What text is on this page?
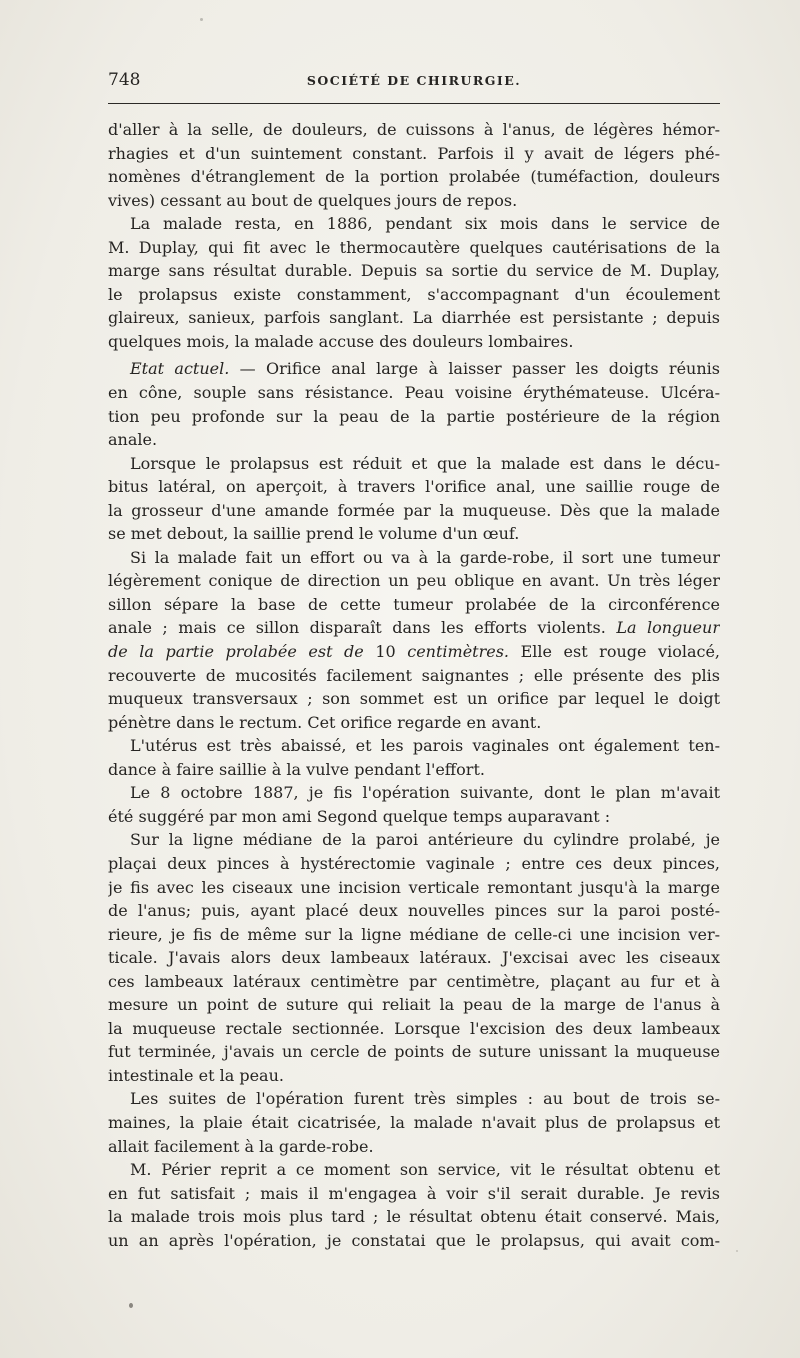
748	SOCIÉTÉ DE CHIRURGIE.
d'aller à la selle, de douleurs, de cuissons à l'anus, de légères hémor-
rhagies et d'un suintement constant. Parfois il y avait de légers phé-
nomènes d'étranglement de la portion prolabée (tuméfaction, douleurs
vives) cessant au bout de quelques jours de repos.
La malade resta, en 1886, pendant six mois dans le service de
M. Duplay, qui fit avec le thermocautère quelques cautérisations de la
marge sans résultat durable. Depuis sa sortie du service de M. Duplay,
le prolapsus existe constamment, s'accompagnant d'un écoulement
glaireux, sanieux, parfois sanglant. La diarrhée est persistante ; depuis
quelques mois, la malade accuse des douleurs lombaires.
Etat actuel. — Orifice anal large à laisser passer les doigts réunis
en cône, souple sans résistance. Peau voisine érythémateuse. Ulcéra-
tion peu profonde sur la peau de la partie postérieure de la région
anale.
Lorsque le prolapsus est réduit et que la malade est dans le décu-
bitus latéral, on aperçoit, à travers l'orifice anal, une saillie rouge de
la grosseur d'une amande formée par la muqueuse. Dès que la malade
se met debout, la saillie prend le volume d'un œuf.
Si la malade fait un effort ou va à la garde-robe, il sort une tumeur
légèrement conique de direction un peu oblique en avant. Un très léger
sillon sépare la base de cette tumeur prolabée de la circonférence
anale ; mais ce sillon disparaît dans les efforts violents. La longueur
de la partie prolabée est de 10 centimètres. Elle est rouge violacé,
recouverte de mucosités facilement saignantes ; elle présente des plis
muqueux transversaux ; son sommet est un orifice par lequel le doigt
pénètre dans le rectum. Cet orifice regarde en avant.
L'utérus est très abaissé, et les parois vaginales ont également ten-
dance à faire saillie à la vulve pendant l'effort.
Le 8 octobre 1887, je fis l'opération suivante, dont le plan m'avait
été suggéré par mon ami Segond quelque temps auparavant :
Sur la ligne médiane de la paroi antérieure du cylindre prolabé, je
plaçai deux pinces à hystérectomie vaginale ; entre ces deux pinces,
je fis avec les ciseaux une incision verticale remontant jusqu'à la marge
de l'anus; puis, ayant placé deux nouvelles pinces sur la paroi posté-
rieure, je fis de même sur la ligne médiane de celle-ci une incision ver-
ticale. J'avais alors deux lambeaux latéraux. J'excisai avec les ciseaux
ces lambeaux latéraux centimètre par centimètre, plaçant au fur et à
mesure un point de suture qui reliait la peau de la marge de l'anus à
la muqueuse rectale sectionnée. Lorsque l'excision des deux lambeaux
fut terminée, j'avais un cercle de points de suture unissant la muqueuse
intestinale et la peau.
Les suites de l'opération furent très simples : au bout de trois se-
maines, la plaie était cicatrisée, la malade n'avait plus de prolapsus et
allait facilement à la garde-robe.
M. Périer reprit a ce moment son service, vit le résultat obtenu et
en fut satisfait ; mais il m'engagea à voir s'il serait durable. Je revis
la malade trois mois plus tard ; le résultat obtenu était conservé. Mais,
un an après l'opération, je constatai que le prolapsus, qui avait com-
